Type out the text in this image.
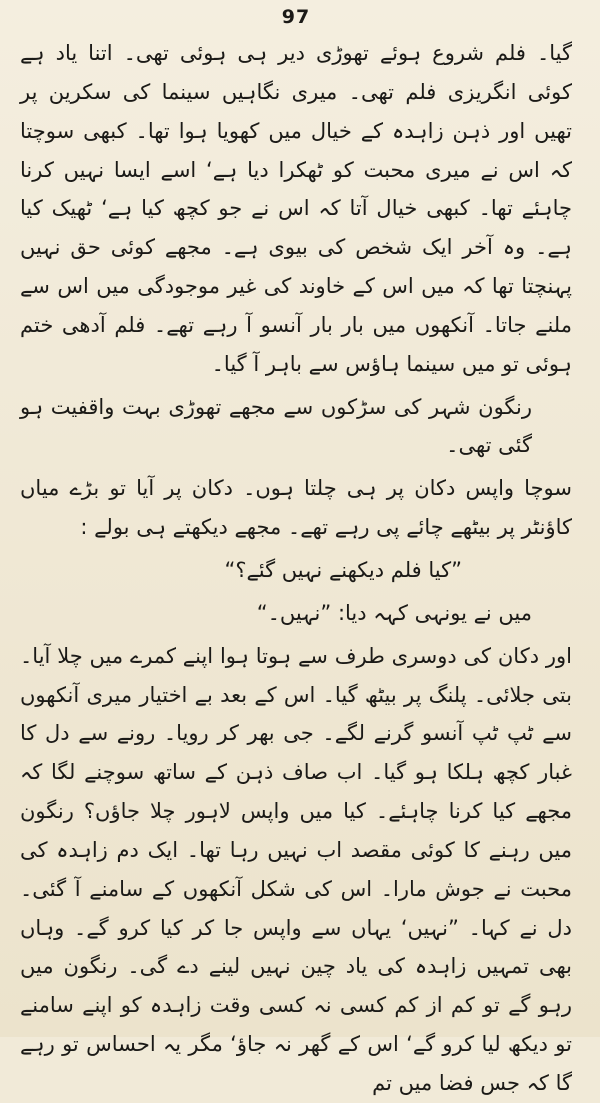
97

گیا۔ فلم شروع ہوئے تھوڑی دیر ہی ہوئی تھی۔ اتنا یاد ہے کوئی انگریزی فلم تھی۔ میری نگاہیں سینما کی سکرین پر تھیں اور ذہن زاہدہ کے خیال میں کھویا ہوا تھا۔ کبھی سوچتا کہ اس نے میری محبت کو ٹھکرا دیا ہے‘ اسے ایسا نہیں کرنا چاہئے تھا۔ کبھی خیال آتا کہ اس نے جو کچھ کیا ہے‘ ٹھیک کیا ہے۔ وہ آخر ایک شخص کی بیوی ہے۔ مجھے کوئی حق نہیں پہنچتا تھا کہ میں اس کے خاوند کی غیر موجودگی میں اس سے ملنے جاتا۔ آنکھوں میں بار بار آنسو آ رہے تھے۔ فلم آدھی ختم ہوئی تو میں سینما ہاؤس سے باہر آ گیا۔

رنگون شہر کی سڑکوں سے مجھے تھوڑی بہت واقفیت ہو گئی تھی۔

سوچا واپس دکان پر ہی چلتا ہوں۔ دکان پر آیا تو بڑے میاں کاؤنٹر پر بیٹھے چائے پی رہے تھے۔ مجھے دیکھتے ہی بولے :

”کیا فلم دیکھنے نہیں گئے؟“

میں نے یونہی کہہ دیا: ”نہیں۔“

اور دکان کی دوسری طرف سے ہوتا ہوا اپنے کمرے میں چلا آیا۔ بتی جلائی۔ پلنگ پر بیٹھ گیا۔ اس کے بعد بے اختیار میری آنکھوں سے ٹپ ٹپ آنسو گرنے لگے۔ جی بھر کر رویا۔ رونے سے دل کا غبار کچھ ہلکا ہو گیا۔ اب صاف ذہن کے ساتھ سوچنے لگا کہ مجھے کیا کرنا چاہئے۔ کیا میں واپس لاہور چلا جاؤں؟ رنگون میں رہنے کا کوئی مقصد اب نہیں رہا تھا۔ ایک دم زاہدہ کی محبت نے جوش مارا۔ اس کی شکل آنکھوں کے سامنے آ گئی۔ دل نے کہا۔ ”نہیں‘ یہاں سے واپس جا کر کیا کرو گے۔ وہاں بھی تمہیں زاہدہ کی یاد چین نہیں لینے دے گی۔ رنگون میں رہو گے تو کم از کم کسی نہ کسی وقت زاہدہ کو اپنے سامنے تو دیکھ لیا کرو گے‘ اس کے گھر نہ جاؤ‘ مگر یہ احساس تو رہے گا کہ جس فضا میں تم
